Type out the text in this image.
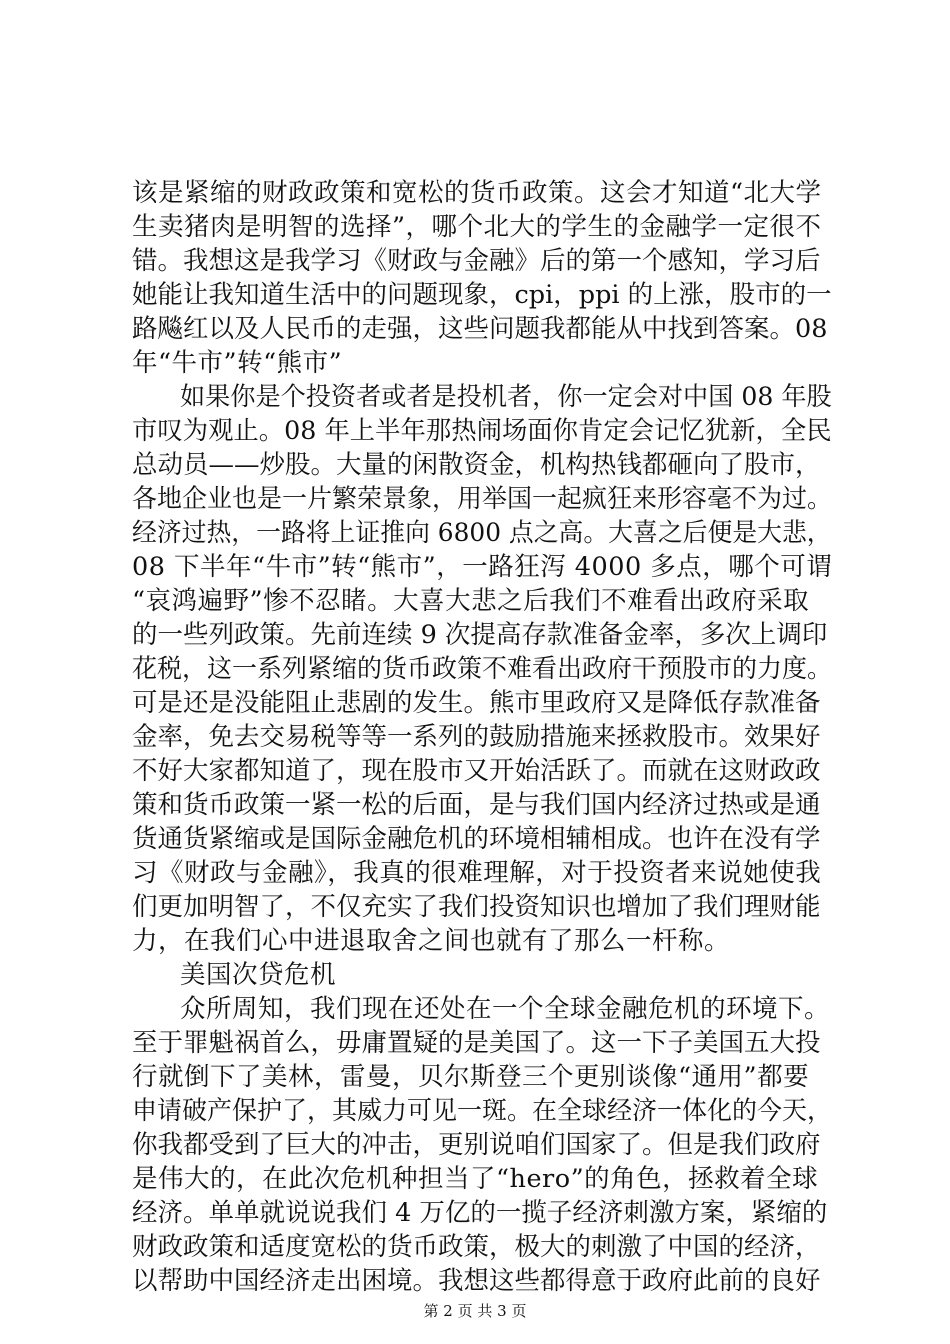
该是紧缩的财政政策和宽松的货币政策。这会才知道“北大学
生卖猪肉是明智的选择”，哪个北大的学生的金融学一定很不
错。我想这是我学习《财政与金融》后的第一个感知，学习后
她能让我知道生活中的问题现象，cpi，ppi 的上涨，股市的一
路飚红以及人民币的走强，这些问题我都能从中找到答案。08
年“牛市”转“熊市”
如果你是个投资者或者是投机者，你一定会对中国 08 年股
市叹为观止。08 年上半年那热闹场面你肯定会记忆犹新，全民
总动员——炒股。大量的闲散资金，机构热钱都砸向了股市，
各地企业也是一片繁荣景象，用举国一起疯狂来形容毫不为过。
经济过热，一路将上证推向 6800 点之高。大喜之后便是大悲，
08 下半年“牛市”转“熊市”，一路狂泻 4000 多点，哪个可谓
“哀鸿遍野”惨不忍睹。大喜大悲之后我们不难看出政府采取
的一些列政策。先前连续 9 次提高存款准备金率，多次上调印
花税，这一系列紧缩的货币政策不难看出政府干预股市的力度。
可是还是没能阻止悲剧的发生。熊市里政府又是降低存款准备
金率，免去交易税等等一系列的鼓励措施来拯救股市。效果好
不好大家都知道了，现在股市又开始活跃了。而就在这财政政
策和货币政策一紧一松的后面，是与我们国内经济过热或是通
货通货紧缩或是国际金融危机的环境相辅相成。也许在没有学
习《财政与金融》，我真的很难理解，对于投资者来说她使我
们更加明智了，不仅充实了我们投资知识也增加了我们理财能
力，在我们心中进退取舍之间也就有了那么一杆称。
美国次贷危机
众所周知，我们现在还处在一个全球金融危机的环境下。
至于罪魁祸首么，毋庸置疑的是美国了。这一下子美国五大投
行就倒下了美林，雷曼，贝尔斯登三个更别谈像“通用”都要
申请破产保护了，其威力可见一斑。在全球经济一体化的今天，
你我都受到了巨大的冲击，更别说咱们国家了。但是我们政府
是伟大的，在此次危机种担当了“hero”的角色，拯救着全球
经济。单单就说说我们 4 万亿的一揽子经济刺激方案，紧缩的
财政政策和适度宽松的货币政策，极大的刺激了中国的经济，
以帮助中国经济走出困境。我想这些都得意于政府此前的良好
第 2 页 共 3 页
